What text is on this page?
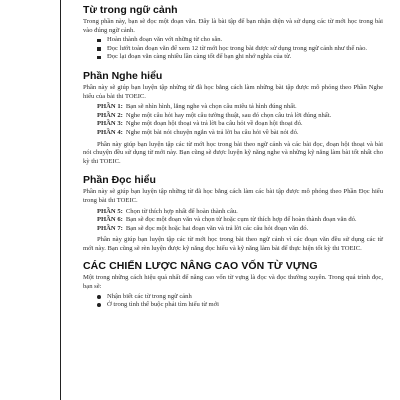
Từ trong ngữ cảnh

Trong phần này, bạn sẽ đọc một đoạn văn. Đây là bài tập để bạn nhận diện và sử dụng các từ mới học trong bài vào đúng ngữ cảnh.

Hoàn thành đoạn văn với những từ cho sẵn.
Đọc lướt toàn đoạn văn để xem 12 từ mới học trong bài được sử dụng trong ngữ cảnh như thế nào.
Đọc lại đoạn văn càng nhiều lần càng tốt để bạn ghi nhớ nghĩa của từ.
Phần Nghe hiểu

Phần này sẽ giúp bạn luyện tập những từ đã học bằng cách làm những bài tập được mô phỏng theo Phần Nghe hiểu của bài thi TOEIC.

PHẦN 1: Bạn sẽ nhìn hình, lắng nghe và chọn câu miêu tả hình đúng nhất.
PHẦN 2: Nghe một câu hỏi hay một câu tường thuật, sau đó chọn câu trả lời đúng nhất.
PHẦN 3: Nghe một đoạn hội thoại và trả lời ba câu hỏi về đoạn hội thoại đó.
PHẦN 4: Nghe một bài nói chuyện ngắn và trả lời ba câu hỏi về bài nói đó.

Phần này giúp bạn luyện tập các từ mới học trong bài theo ngữ cảnh và các bài đọc, đoạn hội thoại và bài nói chuyện đều sử dụng từ mới này. Bạn cũng sẽ được luyện kỹ năng nghe và những kỹ năng làm bài tốt nhất cho kỳ thi TOEIC.

Phần Đọc hiểu

Phần này sẽ giúp bạn luyện tập những từ đã học bằng cách làm các bài tập được mô phỏng theo Phần Đọc hiểu trong bài thi TOEIC.

PHẦN 5: Chọn từ thích hợp nhất để hoàn thành câu.
PHẦN 6: Bạn sẽ đọc một đoạn văn và chọn từ hoặc cụm từ thích hợp để hoàn thành đoạn văn đó.
PHẦN 7: Bạn sẽ đọc một hoặc hai đoạn văn và trả lời các câu hỏi đoạn văn đó.

Phần này giúp bạn luyện tập các từ mới học trong bài theo ngữ cảnh vì các đoạn văn đều sử dụng các từ mới này. Bạn cũng sẽ rèn luyện được kỹ năng đọc hiểu và kỹ năng làm bài để thực hiện tốt kỳ thi TOEIC.

CÁC CHIẾN LƯỢC NÂNG CAO VỐN TỪ VỰNG

Một trong những cách hiệu quả nhất để nâng cao vốn từ vựng là đọc và đọc thường xuyên. Trong quá trình đọc, bạn sẽ:

Nhận biết các từ trong ngữ cảnh
Ở trong tình thế buộc phải tìm hiểu từ mới
